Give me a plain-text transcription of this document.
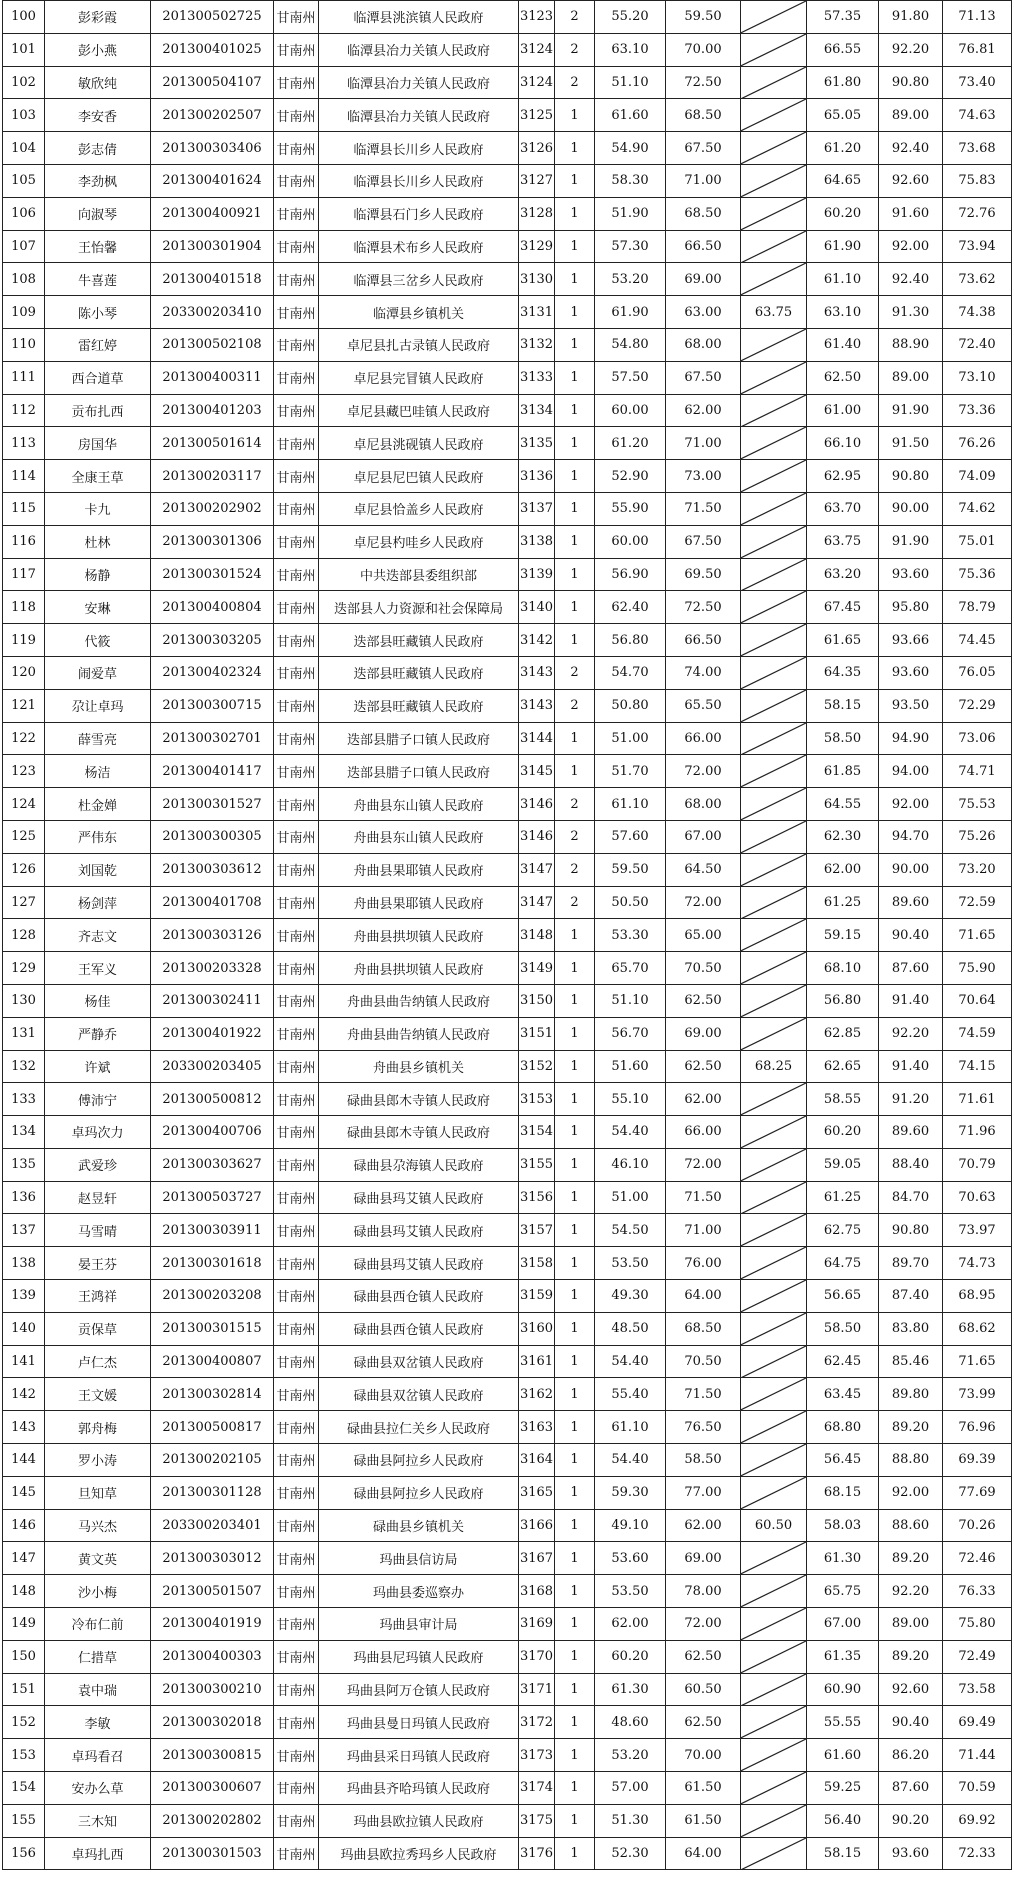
100	彭彩霞	201300502725	甘南州	临潭县洮滨镇人民政府	3123	2	55.20	59.50		57.35	91.80	71.13
101	彭小燕	201300401025	甘南州	临潭县冶力关镇人民政府	3124	2	63.10	70.00		66.55	92.20	76.81
102	敏欣纯	201300504107	甘南州	临潭县冶力关镇人民政府	3124	2	51.10	72.50		61.80	90.80	73.40
103	李安香	201300202507	甘南州	临潭县冶力关镇人民政府	3125	1	61.60	68.50		65.05	89.00	74.63
104	彭志倩	201300303406	甘南州	临潭县长川乡人民政府	3126	1	54.90	67.50		61.20	92.40	73.68
105	李劲枫	201300401624	甘南州	临潭县长川乡人民政府	3127	1	58.30	71.00		64.65	92.60	75.83
106	向淑琴	201300400921	甘南州	临潭县石门乡人民政府	3128	1	51.90	68.50		60.20	91.60	72.76
107	王怡馨	201300301904	甘南州	临潭县术布乡人民政府	3129	1	57.30	66.50		61.90	92.00	73.94
108	牛喜莲	201300401518	甘南州	临潭县三岔乡人民政府	3130	1	53.20	69.00		61.10	92.40	73.62
109	陈小琴	203300203410	甘南州	临潭县乡镇机关	3131	1	61.90	63.00	63.75	63.10	91.30	74.38
110	雷红婷	201300502108	甘南州	卓尼县扎古录镇人民政府	3132	1	54.80	68.00		61.40	88.90	72.40
111	西合道草	201300400311	甘南州	卓尼县完冒镇人民政府	3133	1	57.50	67.50		62.50	89.00	73.10
112	贡布扎西	201300401203	甘南州	卓尼县藏巴哇镇人民政府	3134	1	60.00	62.00		61.00	91.90	73.36
113	房国华	201300501614	甘南州	卓尼县洮砚镇人民政府	3135	1	61.20	71.00		66.10	91.50	76.26
114	全康王草	201300203117	甘南州	卓尼县尼巴镇人民政府	3136	1	52.90	73.00		62.95	90.80	74.09
115	卡九	201300202902	甘南州	卓尼县恰盖乡人民政府	3137	1	55.90	71.50		63.70	90.00	74.62
116	杜林	201300301306	甘南州	卓尼县杓哇乡人民政府	3138	1	60.00	67.50		63.75	91.90	75.01
117	杨静	201300301524	甘南州	中共迭部县委组织部	3139	1	56.90	69.50		63.20	93.60	75.36
118	安琳	201300400804	甘南州	迭部县人力资源和社会保障局	3140	1	62.40	72.50		67.45	95.80	78.79
119	代筱	201300303205	甘南州	迭部县旺藏镇人民政府	3142	1	56.80	66.50		61.65	93.66	74.45
120	闹爱草	201300402324	甘南州	迭部县旺藏镇人民政府	3143	2	54.70	74.00		64.35	93.60	76.05
121	尕让卓玛	201300300715	甘南州	迭部县旺藏镇人民政府	3143	2	50.80	65.50		58.15	93.50	72.29
122	薛雪亮	201300302701	甘南州	迭部县腊子口镇人民政府	3144	1	51.00	66.00		58.50	94.90	73.06
123	杨洁	201300401417	甘南州	迭部县腊子口镇人民政府	3145	1	51.70	72.00		61.85	94.00	74.71
124	杜金婵	201300301527	甘南州	舟曲县东山镇人民政府	3146	2	61.10	68.00		64.55	92.00	75.53
125	严伟东	201300300305	甘南州	舟曲县东山镇人民政府	3146	2	57.60	67.00		62.30	94.70	75.26
126	刘国乾	201300303612	甘南州	舟曲县果耶镇人民政府	3147	2	59.50	64.50		62.00	90.00	73.20
127	杨剑萍	201300401708	甘南州	舟曲县果耶镇人民政府	3147	2	50.50	72.00		61.25	89.60	72.59
128	齐志文	201300303126	甘南州	舟曲县拱坝镇人民政府	3148	1	53.30	65.00		59.15	90.40	71.65
129	王军义	201300203328	甘南州	舟曲县拱坝镇人民政府	3149	1	65.70	70.50		68.10	87.60	75.90
130	杨佳	201300302411	甘南州	舟曲县曲告纳镇人民政府	3150	1	51.10	62.50		56.80	91.40	70.64
131	严静乔	201300401922	甘南州	舟曲县曲告纳镇人民政府	3151	1	56.70	69.00		62.85	92.20	74.59
132	许斌	203300203405	甘南州	舟曲县乡镇机关	3152	1	51.60	62.50	68.25	62.65	91.40	74.15
133	傅沛宁	201300500812	甘南州	碌曲县郎木寺镇人民政府	3153	1	55.10	62.00		58.55	91.20	71.61
134	卓玛次力	201300400706	甘南州	碌曲县郎木寺镇人民政府	3154	1	54.40	66.00		60.20	89.60	71.96
135	武爱珍	201300303627	甘南州	碌曲县尕海镇人民政府	3155	1	46.10	72.00		59.05	88.40	70.79
136	赵昱轩	201300503727	甘南州	碌曲县玛艾镇人民政府	3156	1	51.00	71.50		61.25	84.70	70.63
137	马雪晴	201300303911	甘南州	碌曲县玛艾镇人民政府	3157	1	54.50	71.00		62.75	90.80	73.97
138	晏王芬	201300301618	甘南州	碌曲县玛艾镇人民政府	3158	1	53.50	76.00		64.75	89.70	74.73
139	王鸿祥	201300203208	甘南州	碌曲县西仓镇人民政府	3159	1	49.30	64.00		56.65	87.40	68.95
140	贡保草	201300301515	甘南州	碌曲县西仓镇人民政府	3160	1	48.50	68.50		58.50	83.80	68.62
141	卢仁杰	201300400807	甘南州	碌曲县双岔镇人民政府	3161	1	54.40	70.50		62.45	85.46	71.65
142	王文媛	201300302814	甘南州	碌曲县双岔镇人民政府	3162	1	55.40	71.50		63.45	89.80	73.99
143	郭舟梅	201300500817	甘南州	碌曲县拉仁关乡人民政府	3163	1	61.10	76.50		68.80	89.20	76.96
144	罗小涛	201300202105	甘南州	碌曲县阿拉乡人民政府	3164	1	54.40	58.50		56.45	88.80	69.39
145	旦知草	201300301128	甘南州	碌曲县阿拉乡人民政府	3165	1	59.30	77.00		68.15	92.00	77.69
146	马兴杰	203300203401	甘南州	碌曲县乡镇机关	3166	1	49.10	62.00	60.50	58.03	88.60	70.26
147	黄文英	201300303012	甘南州	玛曲县信访局	3167	1	53.60	69.00		61.30	89.20	72.46
148	沙小梅	201300501507	甘南州	玛曲县委巡察办	3168	1	53.50	78.00		65.75	92.20	76.33
149	冷布仁前	201300401919	甘南州	玛曲县审计局	3169	1	62.00	72.00		67.00	89.00	75.80
150	仁措草	201300400303	甘南州	玛曲县尼玛镇人民政府	3170	1	60.20	62.50		61.35	89.20	72.49
151	袁中瑞	201300300210	甘南州	玛曲县阿万仓镇人民政府	3171	1	61.30	60.50		60.90	92.60	73.58
152	李敏	201300302018	甘南州	玛曲县曼日玛镇人民政府	3172	1	48.60	62.50		55.55	90.40	69.49
153	卓玛看召	201300300815	甘南州	玛曲县采日玛镇人民政府	3173	1	53.20	70.00		61.60	86.20	71.44
154	安办么草	201300300607	甘南州	玛曲县齐哈玛镇人民政府	3174	1	57.00	61.50		59.25	87.60	70.59
155	三木知	201300202802	甘南州	玛曲县欧拉镇人民政府	3175	1	51.30	61.50		56.40	90.20	69.92
156	卓玛扎西	201300301503	甘南州	玛曲县欧拉秀玛乡人民政府	3176	1	52.30	64.00		58.15	93.60	72.33
